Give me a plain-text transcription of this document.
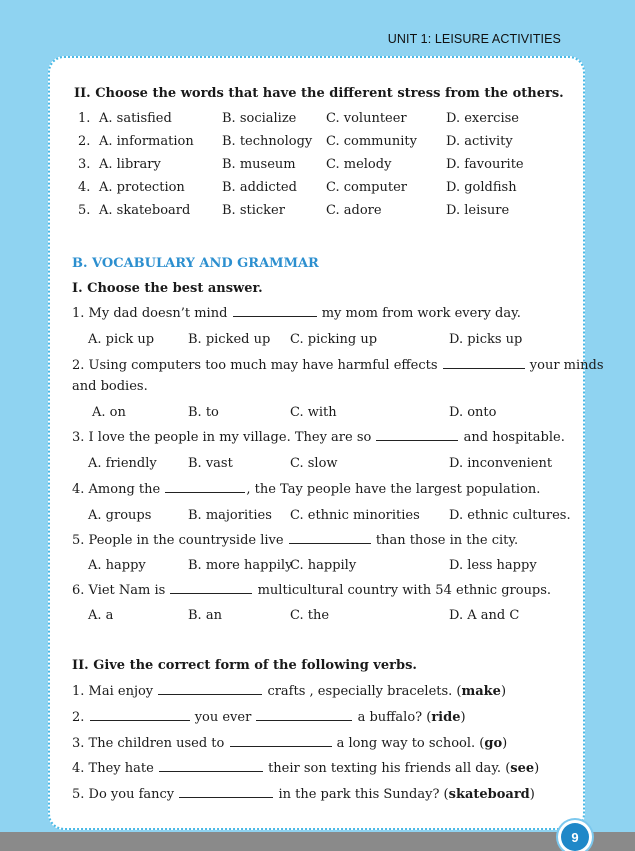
UNIT 1: LEISURE ACTIVITIES
II. Choose the words that have the different stress from the others.
1. A. satisfied	B. socialize C. volunteer	D. exercise
2. A. information B. technology C. community D. activity
3. A. library	B. museum C. melody	D. favourite
4. A. protection	B. addicted C. computer	D. goldfish
5. A. skateboard B. sticker	C. adore	D. leisure
B. VOCABULARY AND GRAMMAR
I. Choose the best answer.
1. My dad doesn’t mind	my mom from work every day.
A. pick up	B. picked up C. picking up	D. picks up
2. Using computers too much may have harmful effects	your minds
and bodies.
A. on	B. to	C. with	D. onto
3. I love the people in my village. They are so	and hospitable.
A. friendly B. vast	C. slow	D. inconvenient
4. Among the	, the Tay people have the largest population.
A. groups	B. majorities C. ethnic minorities D. ethnic cultures.
5. People in the countryside live	than those in the city.
A. happy	B. more happily
C. happily	D. less happy
6. Viet Nam is	multicultural country with 54 ethnic groups.
A. a	B. an	C. the	D. A and C
II. Give the correct form of the following verbs.
1. Mai enjoy	crafts , especially bracelets. (make)
2.	you ever	a buffalo? (ride)
3. The children used to	a long way to school. (go)
4. They hate	their son texting his friends all day. (see)
5. Do you fancy	in the park this Sunday? (skateboard)
9
